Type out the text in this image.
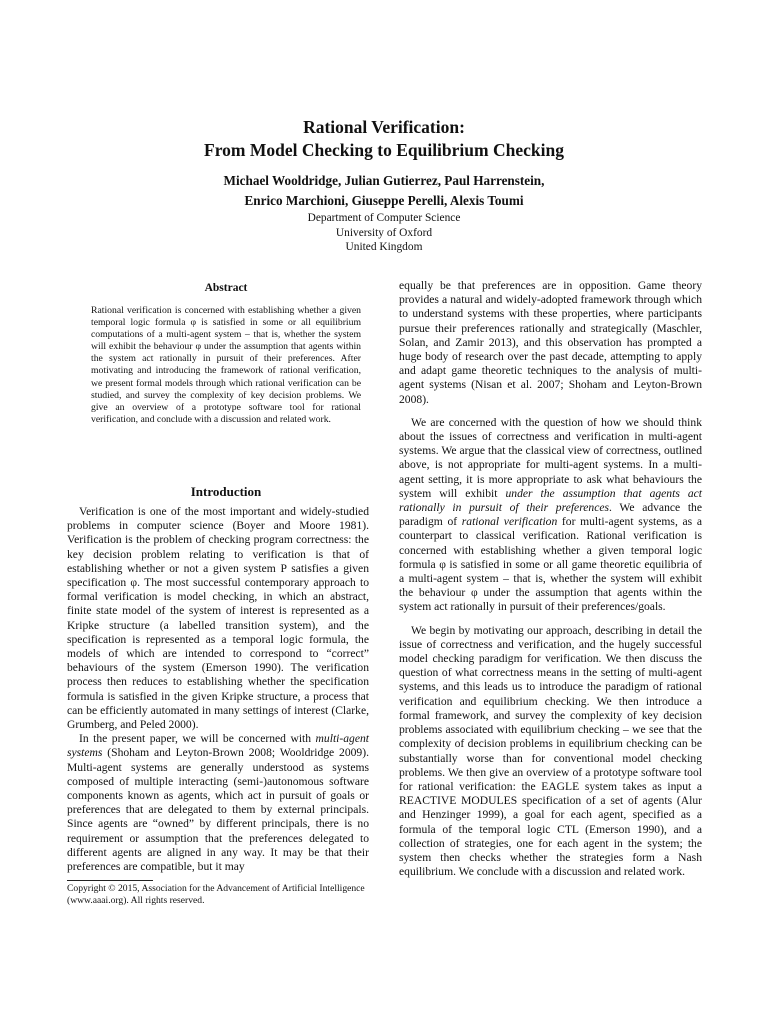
Rational Verification:
From Model Checking to Equilibrium Checking
Michael Wooldridge, Julian Gutierrez, Paul Harrenstein,
Enrico Marchioni, Giuseppe Perelli, Alexis Toumi
Department of Computer Science
University of Oxford
United Kingdom
Abstract
Rational verification is concerned with establishing whether a given temporal logic formula φ is satisfied in some or all equilibrium computations of a multi-agent system – that is, whether the system will exhibit the behaviour φ under the assumption that agents within the system act rationally in pursuit of their preferences. After motivating and introducing the framework of rational verification, we present formal models through which rational verification can be studied, and survey the complexity of key decision problems. We give an overview of a prototype software tool for rational verification, and conclude with a discussion and related work.
Introduction

Verification is one of the most important and widely-studied problems in computer science (Boyer and Moore 1981). Verification is the problem of checking program correctness: the key decision problem relating to verification is that of establishing whether or not a given system P satisfies a given specification φ. The most successful contemporary approach to formal verification is model checking, in which an abstract, finite state model of the system of interest is represented as a Kripke structure (a labelled transition system), and the specification is represented as a temporal logic formula, the models of which are intended to correspond to “correct” behaviours of the system (Emerson 1990). The verification process then reduces to establishing whether the specification formula is satisfied in the given Kripke structure, a process that can be efficiently automated in many settings of interest (Clarke, Grumberg, and Peled 2000).

In the present paper, we will be concerned with multi-agent systems (Shoham and Leyton-Brown 2008; Wooldridge 2009). Multi-agent systems are generally understood as systems composed of multiple interacting (semi-)autonomous software components known as agents, which act in pursuit of goals or preferences that are delegated to them by external principals. Since agents are “owned” by different principals, there is no requirement or assumption that the preferences delegated to different agents are aligned in any way. It may be that their preferences are compatible, but it may

Copyright © 2015, Association for the Advancement of Artificial Intelligence (www.aaai.org). All rights reserved.

equally be that preferences are in opposition. Game theory provides a natural and widely-adopted framework through which to understand systems with these properties, where participants pursue their preferences rationally and strategically (Maschler, Solan, and Zamir 2013), and this observation has prompted a huge body of research over the past decade, attempting to apply and adapt game theoretic techniques to the analysis of multi-agent systems (Nisan et al. 2007; Shoham and Leyton-Brown 2008).

We are concerned with the question of how we should think about the issues of correctness and verification in multi-agent systems. We argue that the classical view of correctness, outlined above, is not appropriate for multi-agent systems. In a multi-agent setting, it is more appropriate to ask what behaviours the system will exhibit under the assumption that agents act rationally in pursuit of their preferences. We advance the paradigm of rational verification for multi-agent systems, as a counterpart to classical verification. Rational verification is concerned with establishing whether a given temporal logic formula φ is satisfied in some or all game theoretic equilibria of a multi-agent system – that is, whether the system will exhibit the behaviour φ under the assumption that agents within the system act rationally in pursuit of their preferences/goals.

We begin by motivating our approach, describing in detail the issue of correctness and verification, and the hugely successful model checking paradigm for verification. We then discuss the question of what correctness means in the setting of multi-agent systems, and this leads us to introduce the paradigm of rational verification and equilibrium checking. We then introduce a formal framework, and survey the complexity of key decision problems associated with equilibrium checking – we see that the complexity of decision problems in equilibrium checking can be substantially worse than for conventional model checking problems. We then give an overview of a prototype software tool for rational verification: the EAGLE system takes as input a REACTIVE MODULES specification of a set of agents (Alur and Henzinger 1999), a goal for each agent, specified as a formula of the temporal logic CTL (Emerson 1990), and a collection of strategies, one for each agent in the system; the system then checks whether the strategies form a Nash equilibrium. We conclude with a discussion and related work.
